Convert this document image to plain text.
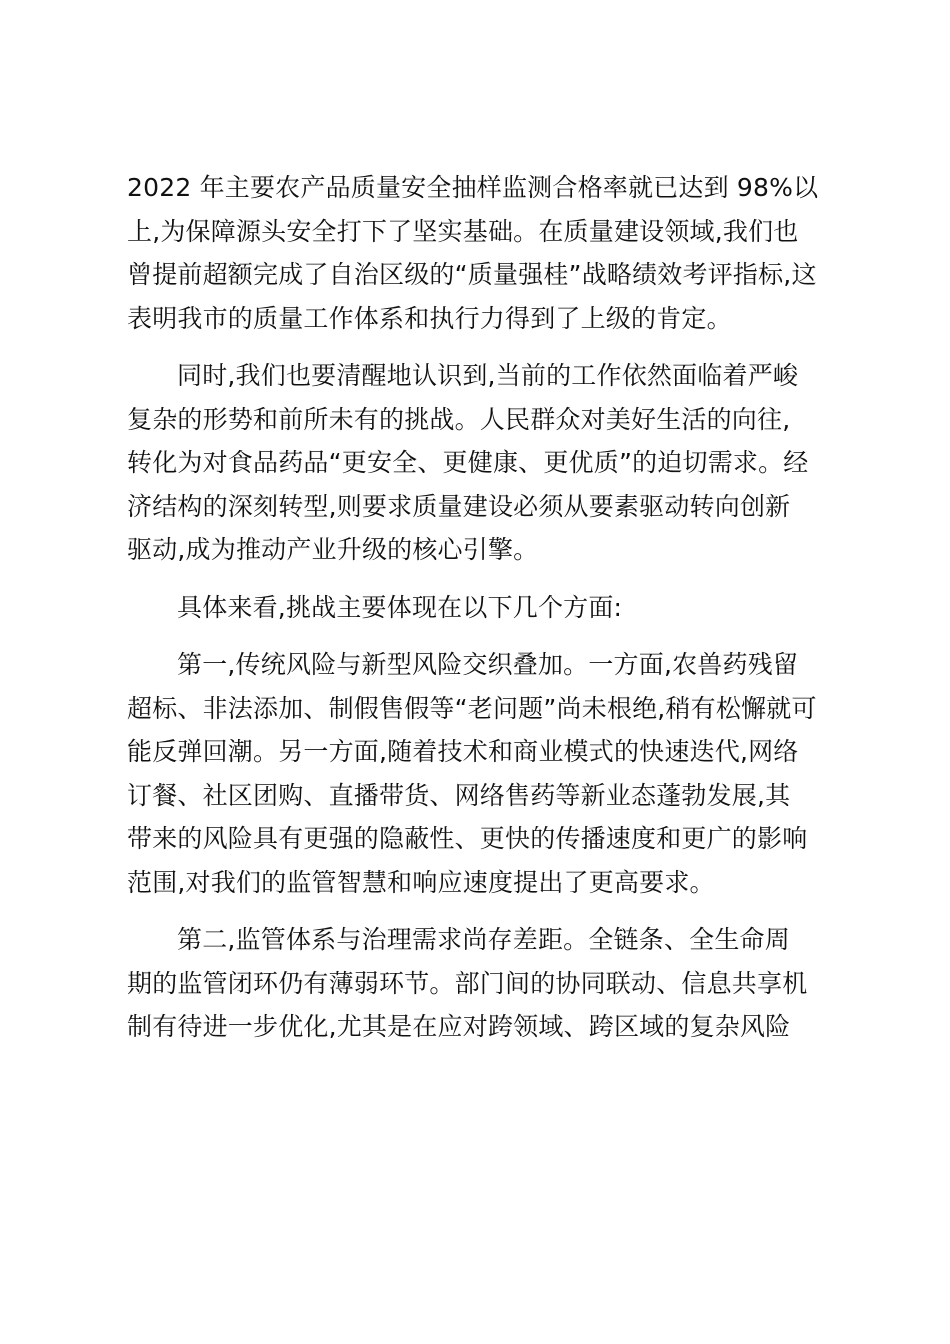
2022 年主要农产品质量安全抽样监测合格率就已达到 98%以
上,为保障源头安全打下了坚实基础。在质量建设领域,我们也
曾提前超额完成了自治区级的“质量强桂”战略绩效考评指标,这
表明我市的质量工作体系和执行力得到了上级的肯定。

同时,我们也要清醒地认识到,当前的工作依然面临着严峻
复杂的形势和前所未有的挑战。人民群众对美好生活的向往,
转化为对食品药品“更安全、更健康、更优质”的迫切需求。经
济结构的深刻转型,则要求质量建设必须从要素驱动转向创新
驱动,成为推动产业升级的核心引擎。

具体来看,挑战主要体现在以下几个方面:

第一,传统风险与新型风险交织叠加。一方面,农兽药残留
超标、非法添加、制假售假等“老问题”尚未根绝,稍有松懈就可
能反弹回潮。另一方面,随着技术和商业模式的快速迭代,网络
订餐、社区团购、直播带货、网络售药等新业态蓬勃发展,其
带来的风险具有更强的隐蔽性、更快的传播速度和更广的影响
范围,对我们的监管智慧和响应速度提出了更高要求。

第二,监管体系与治理需求尚存差距。全链条、全生命周
期的监管闭环仍有薄弱环节。部门间的协同联动、信息共享机
制有待进一步优化,尤其是在应对跨领域、跨区域的复杂风险
